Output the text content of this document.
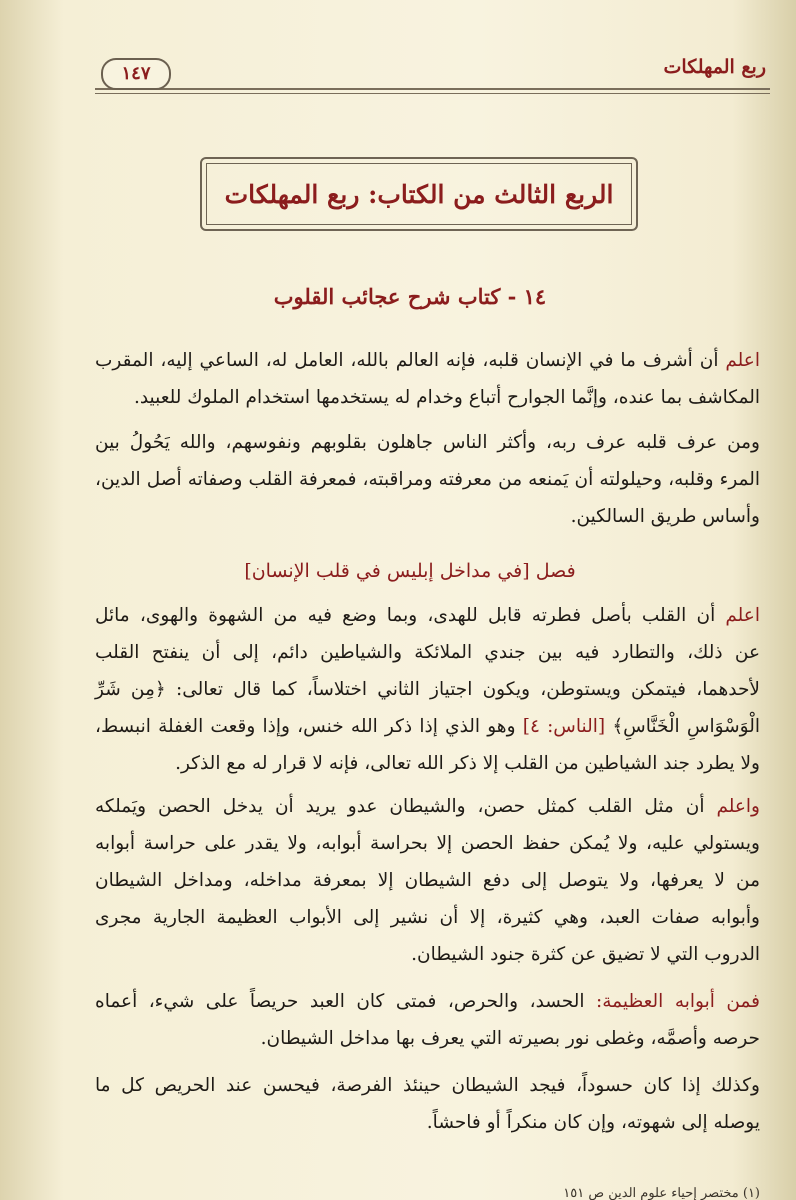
ربع المهلكات
١٤٧
الربع الثالث من الكتاب: ربع المهلكات
١٤ - كتاب شرح عجائب القلوب

اعلم أن أشرف ما في الإنسان قلبه، فإنه العالم بالله، العامل له، الساعي إليه، المقرب
المكاشف بما عنده، وإنَّما الجوارح أتباع وخدام له يستخدمها استخدام الملوك للعبيد.

ومن عرف قلبه عرف ربه، وأكثر الناس جاهلون بقلوبهم ونفوسهم، والله يَحُولُ بين
المرء وقلبه، وحيلولته أن يَمنعه من معرفته ومراقبته، فمعرفة القلب وصفاته أصل الدين،
وأساس طريق السالكين.

فصل [في مداخل إبليس في قلب الإنسان]

اعلم أن القلب بأصل فطرته قابل للهدى، وبما وضع فيه من الشهوة والهوى، مائل
عن ذلك، والتطارد فيه بين جندي الملائكة والشياطين دائم، إلى أن ينفتح القلب
لأحدهما، فيتمكن ويستوطن، ويكون اجتياز الثاني اختلاساً، كما قال تعالى: ﴿مِن شَرِّ
الْوَسْوَاسِ الْخَنَّاسِ﴾ [الناس: ٤] وهو الذي إذا ذكر الله خنس، وإذا وقعت الغفلة انبسط،
ولا يطرد جند الشياطين من القلب إلا ذكر الله تعالى، فإنه لا قرار له مع الذكر.

واعلم أن مثل القلب كمثل حصن، والشيطان عدو يريد أن يدخل الحصن ويَملكه
ويستولي عليه، ولا يُمكن حفظ الحصن إلا بحراسة أبوابه، ولا يقدر على حراسة أبوابه
من لا يعرفها، ولا يتوصل إلى دفع الشيطان إلا بمعرفة مداخله، ومداخل الشيطان
وأبوابه صفات العبد، وهي كثيرة، إلا أن نشير إلى الأبواب العظيمة الجارية مجرى
الدروب التي لا تضيق عن كثرة جنود الشيطان.

فمن أبوابه العظيمة: الحسد، والحرص، فمتى كان العبد حريصاً على شيء، أعماه
حرصه وأصمَّه، وغطى نور بصيرته التي يعرف بها مداخل الشيطان.

وكذلك إذا كان حسوداً، فيجد الشيطان حينئذ الفرصة، فيحسن عند الحريص كل ما
يوصله إلى شهوته، وإن كان منكراً أو فاحشاً.

(١) مختصر إحياء علوم الدين ص ١٥١
